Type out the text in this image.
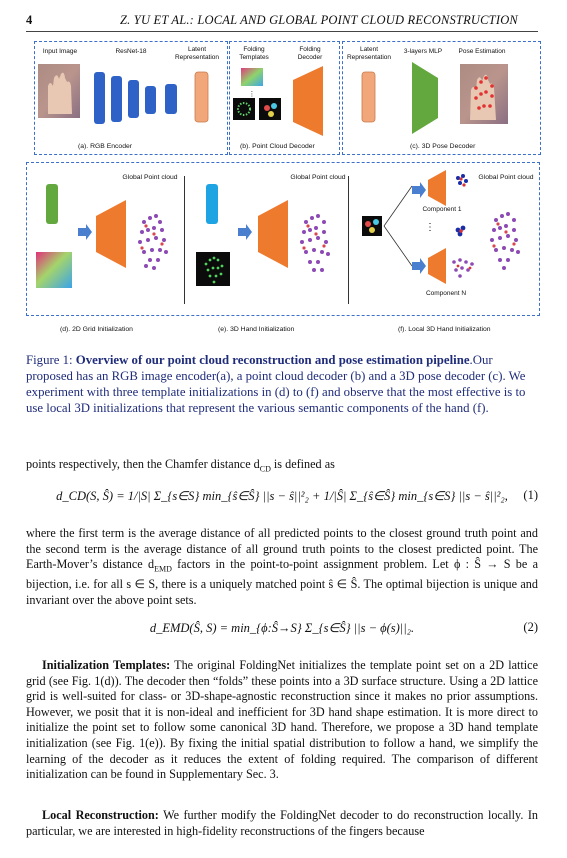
4	Z. YU ET AL.: LOCAL AND GLOBAL POINT CLOUD RECONSTRUCTION
Input Image	ResNet-18	Latent Representation
(a). RGB Encoder
Folding Templates
Folding Decoder
⋮
(b). Point Cloud Decoder
Latent Representation
3-layers MLP	Pose Estimation
(c). 3D Pose Decoder
Global Point cloud
(d). 2D Grid Initialization
Global Point cloud
(e). 3D Hand Initialization
Global Point cloud
Component 1
⋮
Component N
(f). Local 3D Hand Initialization
Figure 1: Overview of our point cloud reconstruction and pose estimation pipeline.Our proposed has an RGB image encoder(a), a point cloud decoder (b) and a 3D pose decoder (c). We experiment with three template initializations in (d) to (f) and observe that the most effective is to use local 3D initializations that represent the various semantic components of the hand (f).
points respectively, then the Chamfer distance $d_{CD}$ is defined as
d_CD(S, Ŝ) = 1/|S| Σ_{s∈S} min_{ŝ∈Ŝ} ||s − ŝ||²₂ + 1/|Ŝ| Σ_{ŝ∈Ŝ} min_{s∈S} ||s − ŝ||²₂, (1)
where the first term is the average distance of all predicted points to the closest ground truth point and the second term is the average distance of all ground truth points to the closest predicted point. The Earth-Mover’s distance $d_{EMD}$ factors in the point-to-point assignment problem. Let ϕ : Ŝ → S be a bijection, i.e. for all s ∈ S, there is a uniquely matched point ŝ ∈ Ŝ. The optimal bijection is unique and invariant over the above point sets.
d_EMD(Ŝ, S) = min_{ϕ:Ŝ→S} Σ_{s∈Ŝ} ||s − ϕ(s)||₂.	(2)
Initialization Templates: The original FoldingNet initializes the template point set on a 2D lattice grid (see Fig. 1(d)). The decoder then “folds” these points into a 3D surface structure. Using a 2D lattice grid is well-suited for class- or 3D-shape-agnostic reconstruction since it makes no prior assumptions. However, we posit that it is non-ideal and inefficient for 3D hand shape estimation. It is more direct to initialize the point set to follow some canonical 3D hand. Therefore, we propose a 3D hand template initialization (see Fig. 1(e)). By fixing the initial spatial distribution to follow a hand, we simplify the learning of the decoder as it reduces the extent of folding required. The comparison of different initialization can be found in Supplementary Sec. 3.
Local Reconstruction: We further modify the FoldingNet decoder to do reconstruction locally. In particular, we are interested in high-fidelity reconstructions of the fingers because
